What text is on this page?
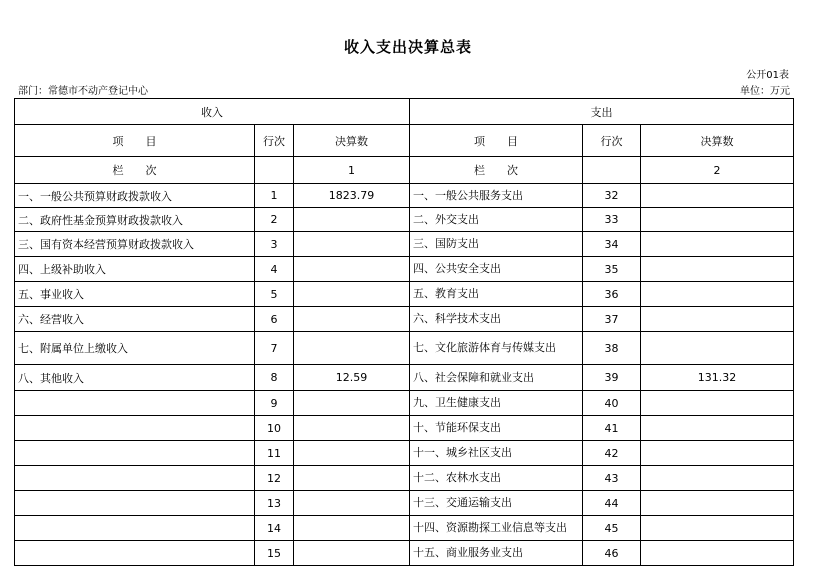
收入支出决算总表
公开01表
部门：常德市不动产登记中心	单位：万元
收入			支出		
项　　目	行次	决算数	项　　目	行次	决算数
栏　　次		1	栏　　次		2
一、一般公共预算财政拨款收入	1	1823.79	一、一般公共服务支出	32	
二、政府性基金预算财政拨款收入	2		二、外交支出	33	
三、国有资本经营预算财政拨款收入	3		三、国防支出	34	
四、上级补助收入	4		四、公共安全支出	35	
五、事业收入	5		五、教育支出	36	
六、经营收入	6		六、科学技术支出	37	
七、附属单位上缴收入	7		七、文化旅游体育与传媒支出	38	
八、其他收入	8	12.59	八、社会保障和就业支出	39	131.32
	9		九、卫生健康支出	40	
	10		十、节能环保支出	41	
	11		十一、城乡社区支出	42	
	12		十二、农林水支出	43	
	13		十三、交通运输支出	44	
	14		十四、资源勘探工业信息等支出	45	
	15		十五、商业服务业支出	46	
